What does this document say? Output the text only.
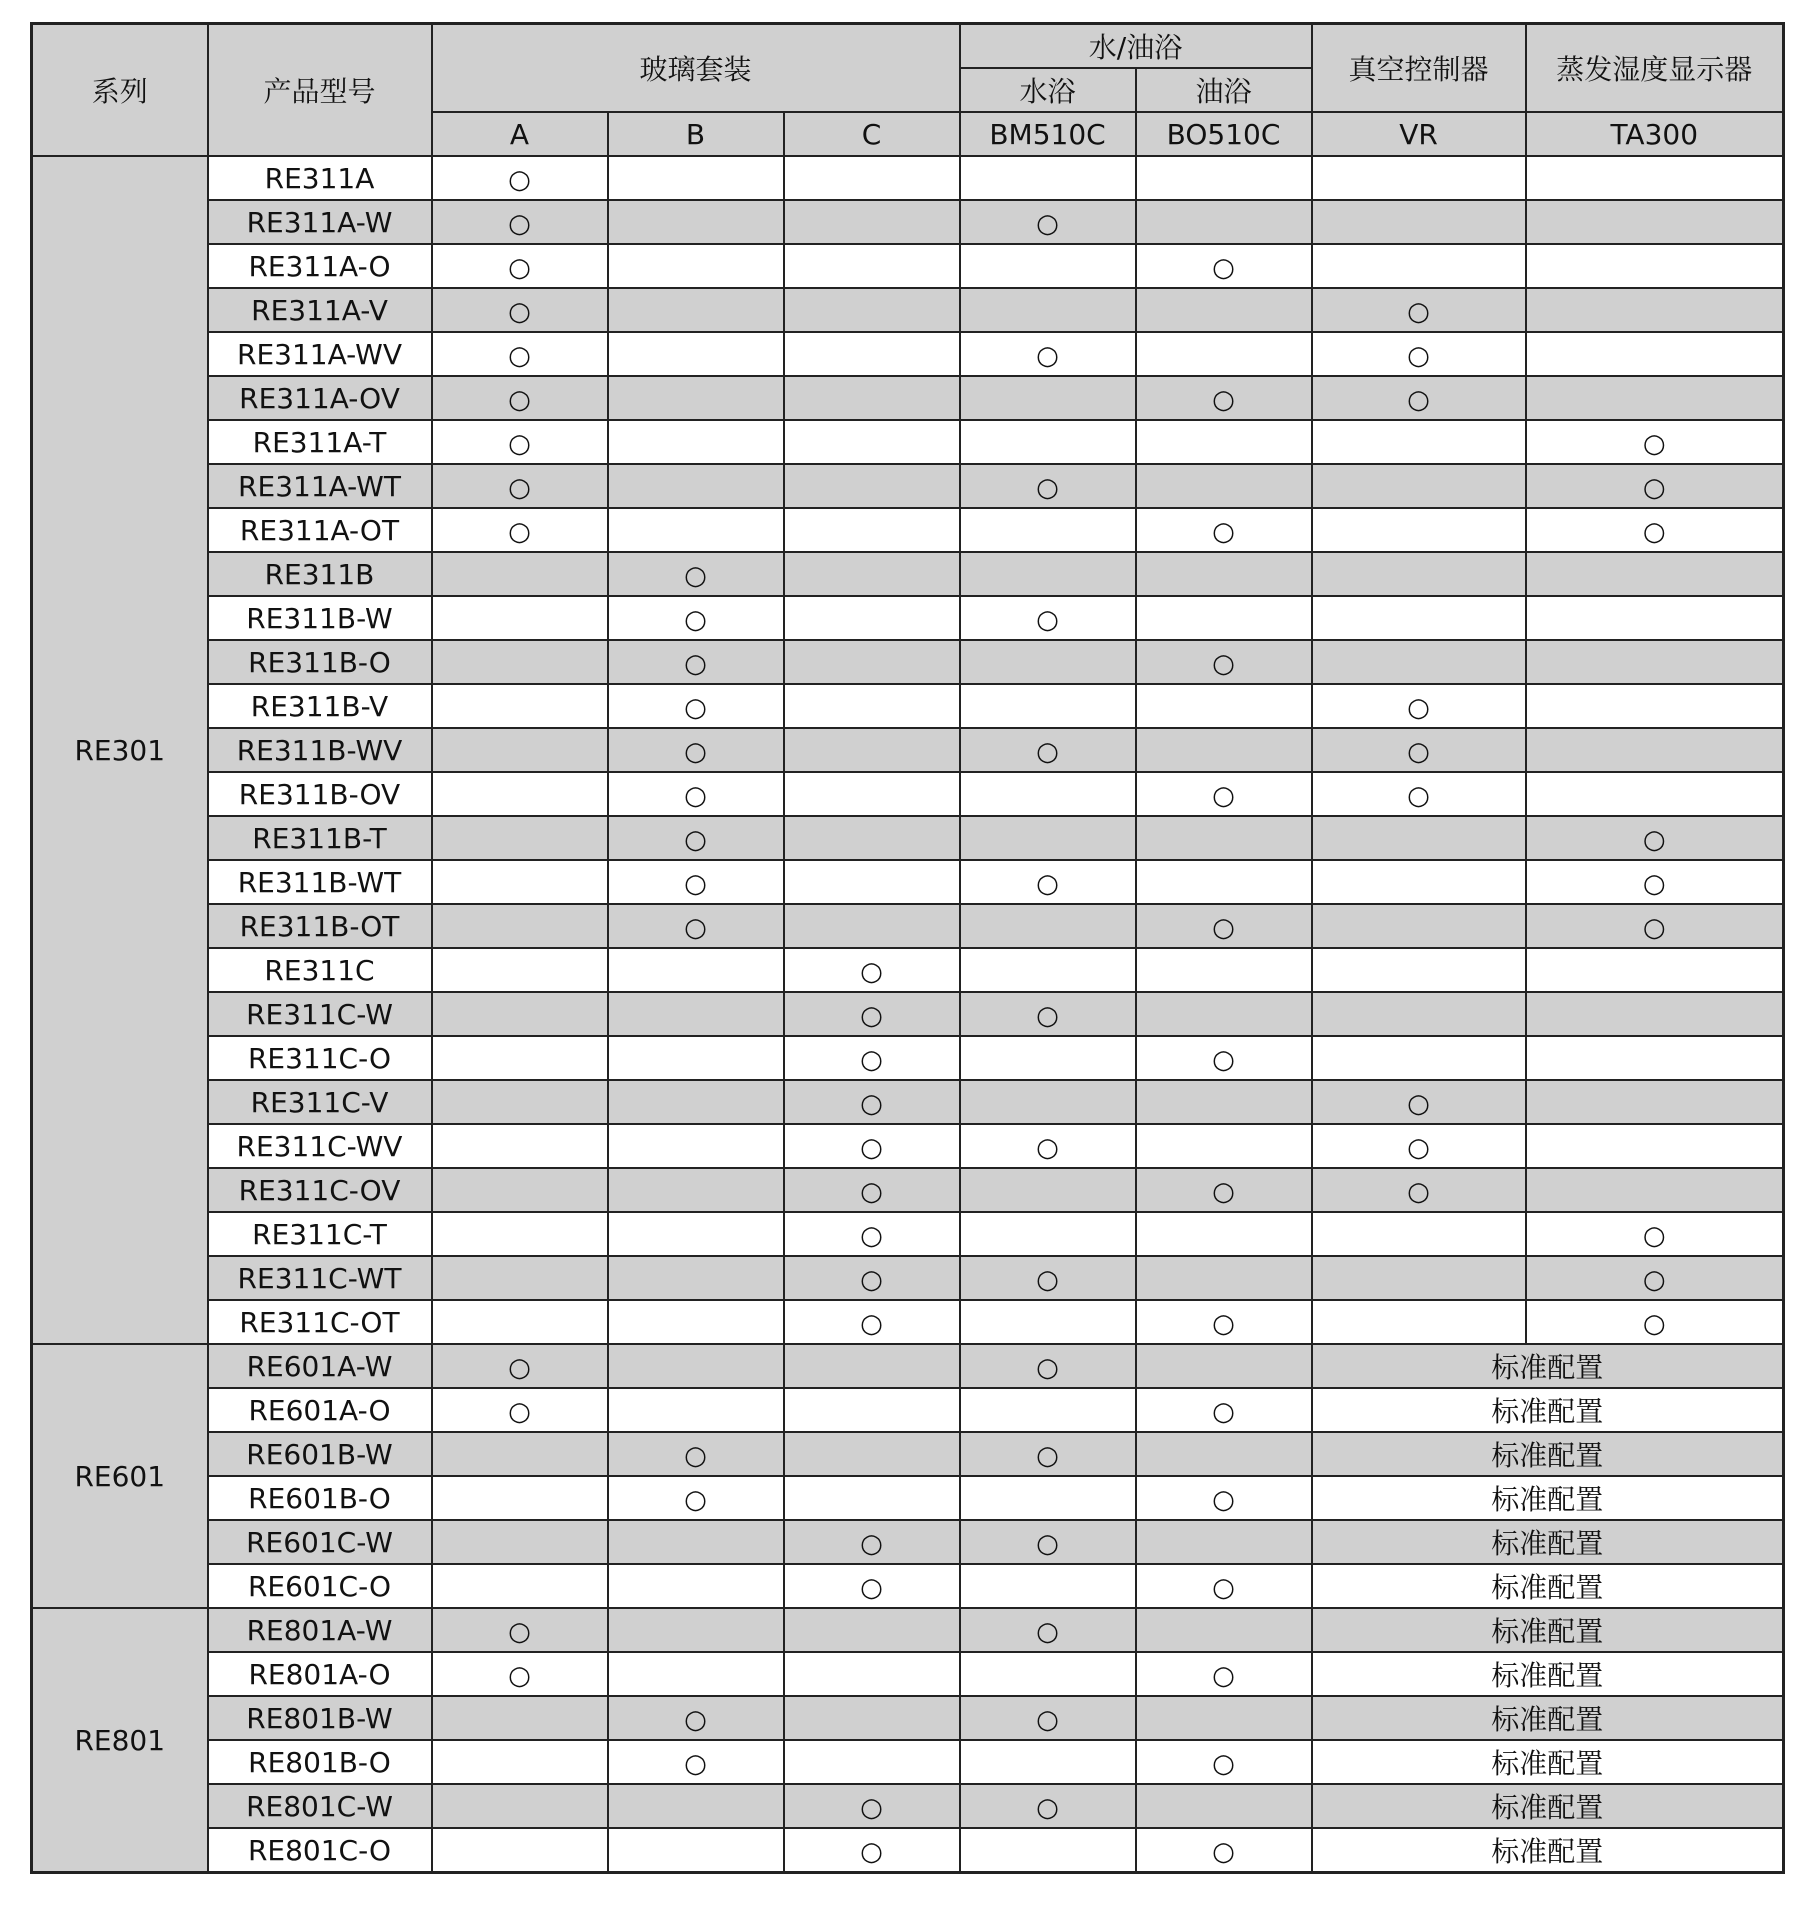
系列	产品型号	玻璃套装			水/油浴		真空控制器	蒸发湿度显示器
					水浴	油浴		
		A	B	C	BM510C	BO510C	VR	TA300
RE301	RE311A	○						
	RE311A-W	○			○			
	RE311A-O	○				○		
	RE311A-V	○					○	
	RE311A-WV	○			○		○	
	RE311A-OV	○				○	○	
	RE311A-T	○						○
	RE311A-WT	○			○			○
	RE311A-OT	○				○		○
	RE311B		○					
	RE311B-W		○		○			
	RE311B-O		○			○		
	RE311B-V		○				○	
	RE311B-WV		○		○		○	
	RE311B-OV		○			○	○	
	RE311B-T		○					○
	RE311B-WT		○		○			○
	RE311B-OT		○			○		○
	RE311C			○				
	RE311C-W			○	○			
	RE311C-O			○		○		
	RE311C-V			○			○	
	RE311C-WV			○	○		○	
	RE311C-OV			○		○	○	
	RE311C-T			○				○
	RE311C-WT			○	○			○
	RE311C-OT			○		○		○
RE601	RE601A-W	○			○		标准配置	
	RE601A-O	○				○	标准配置	
	RE601B-W		○		○		标准配置	
	RE601B-O		○			○	标准配置	
	RE601C-W			○	○		标准配置	
	RE601C-O			○		○	标准配置	
RE801	RE801A-W	○			○		标准配置	
	RE801A-O	○				○	标准配置	
	RE801B-W		○		○		标准配置	
	RE801B-O		○			○	标准配置	
	RE801C-W			○	○		标准配置	
	RE801C-O			○		○	标准配置	
